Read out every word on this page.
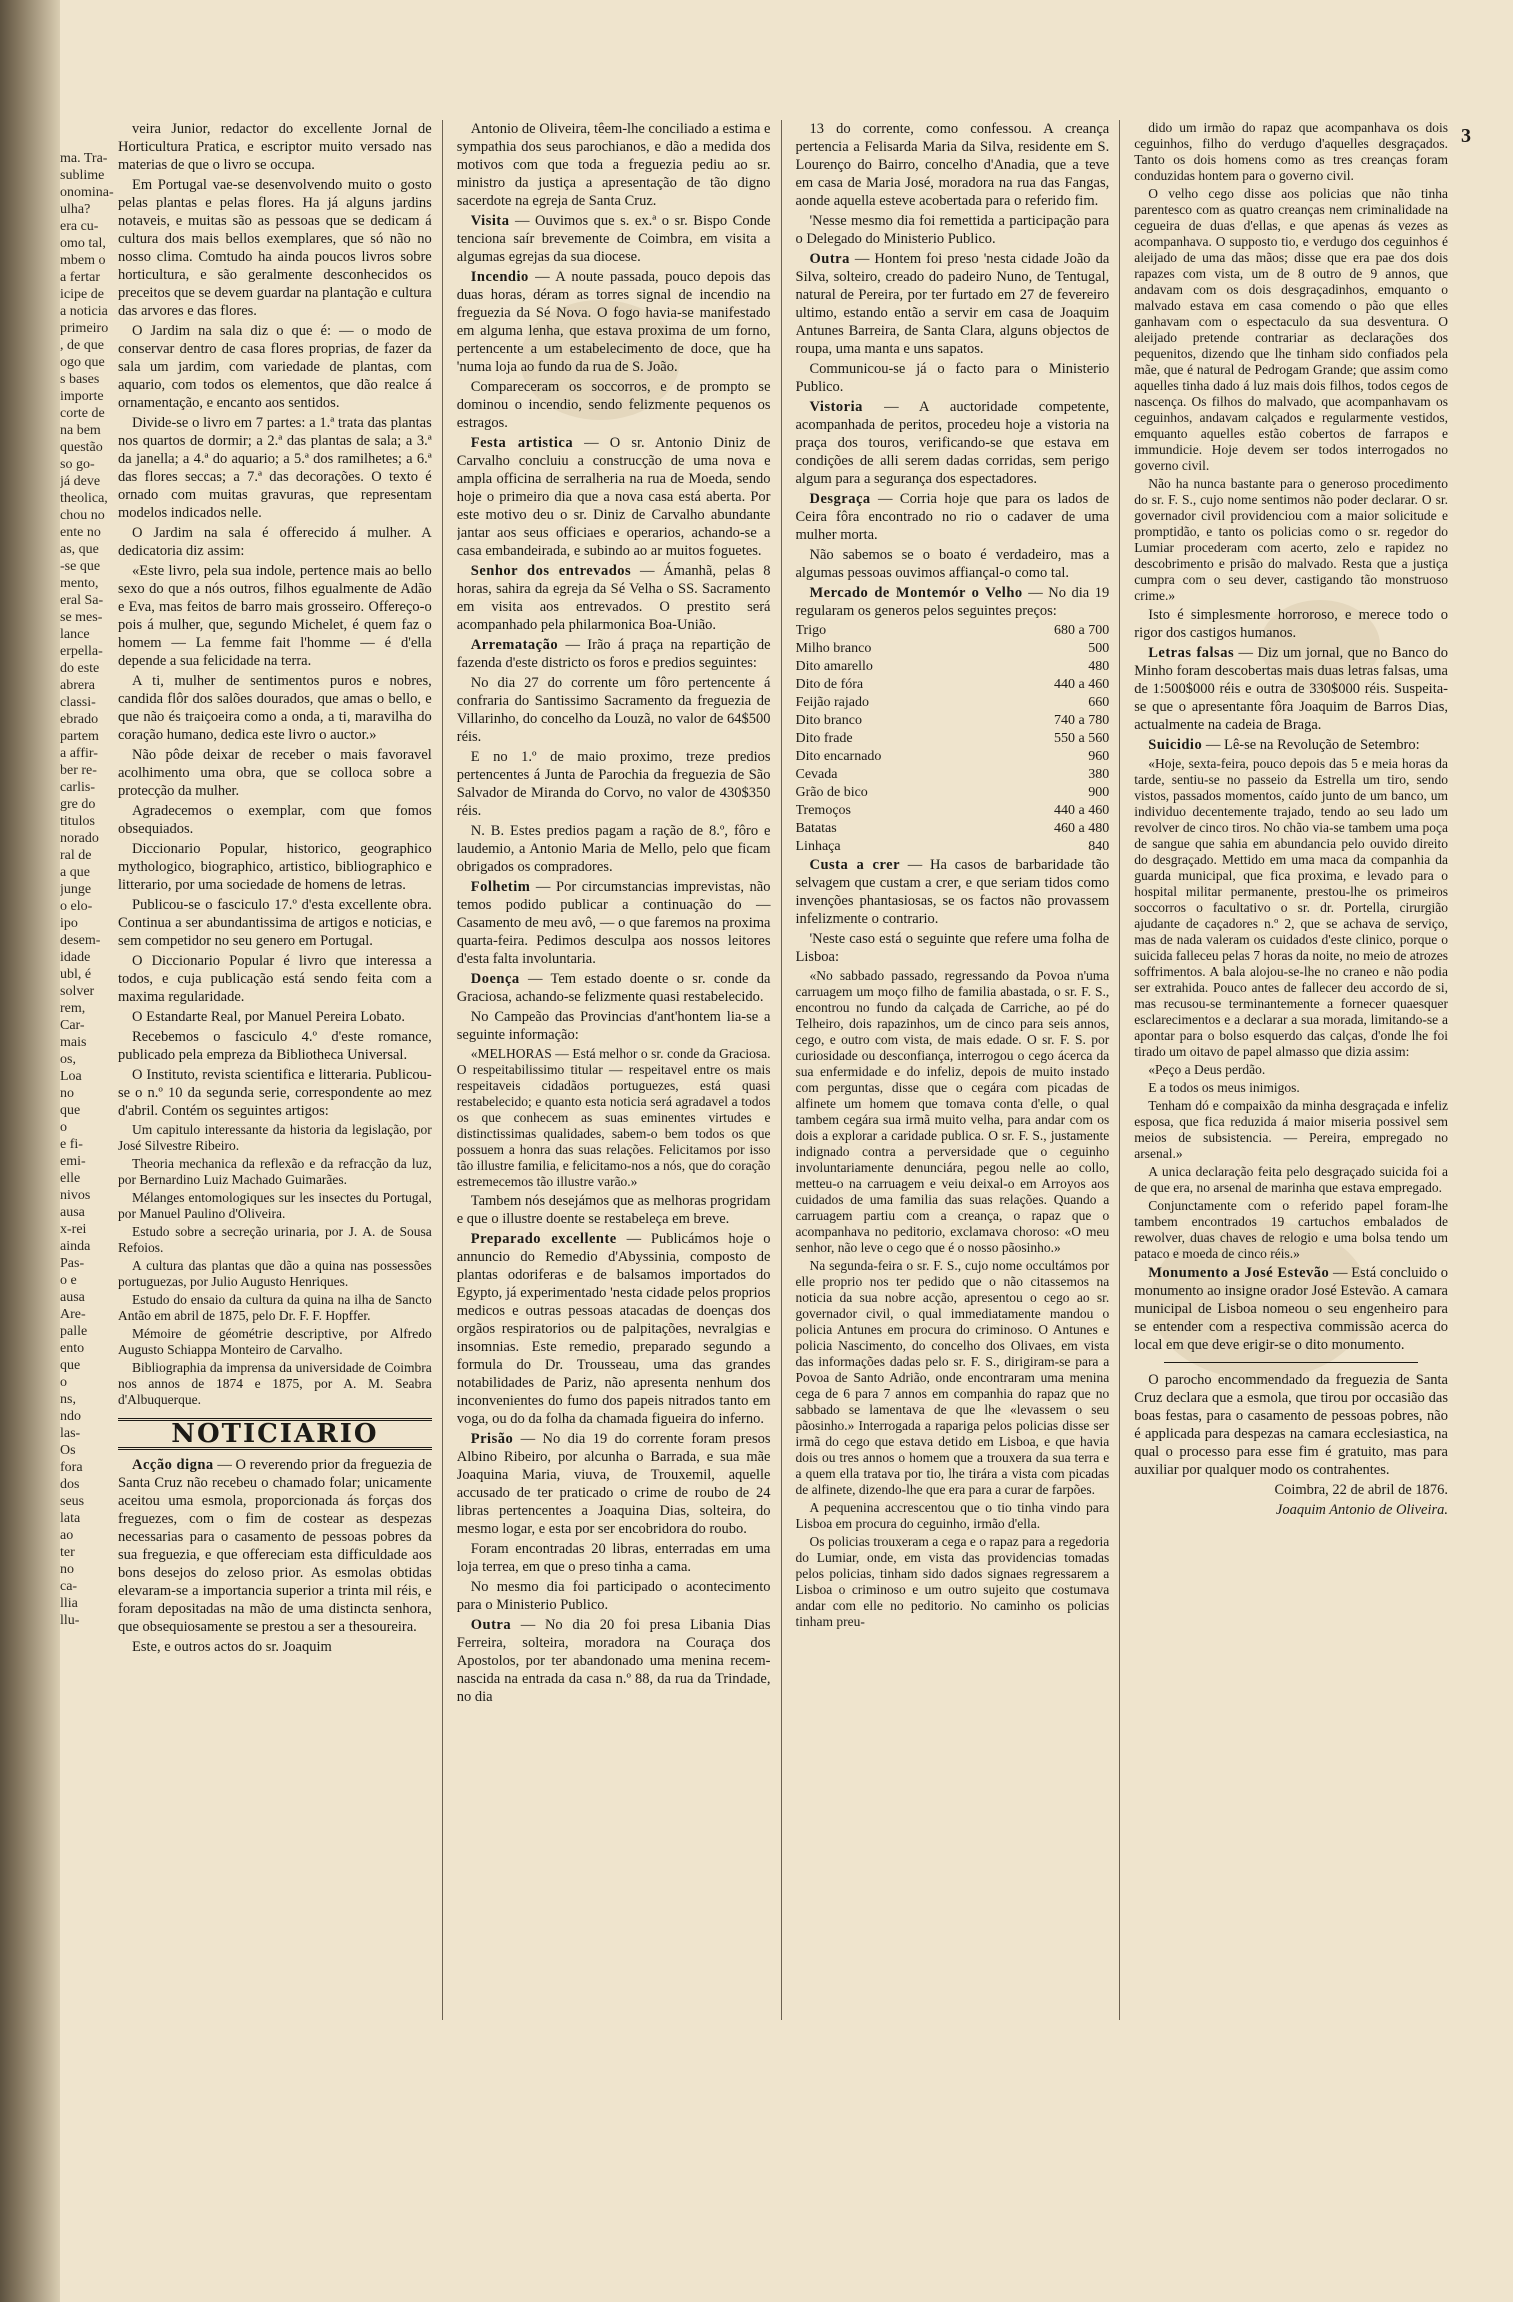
ma. Tra-
sublime
onomina-
ulha?
era cu-
omo tal,
mbem o
a fertar
icipe de
a noticia
primeiro
, de que
ogo que
s bases
importe
corte de
na bem
questão
so go-
já deve
theolica,
chou no
ente no
as, que
-se que
mento,
eral Sa-
se mes-
lance
erpella-
do este
abrera
classi-
ebrado
partem
a affir-
ber re-
carlis-
gre do
titulos
norado
ral de
a que
junge
o elo-
ipo
desem-
idade
ubl, é
solver
rem,
Car-
mais
os,
Loa
no
que
o
e fi-
emi-
elle
nivos
ausa
x-rei
ainda
Pas-
o e
ausa
Are-
palle
ento
que
o
ns,
ndo
las-
Os
fora
dos
seus
lata
ao
ter
no
ca-
llia
llu-
3

veira Junior, redactor do excellente Jornal de Horticultura Pratica, e escriptor muito versado nas materias de que o livro se occupa.

Em Portugal vae-se desenvolvendo muito o gosto pelas plantas e pelas flores. Ha já alguns jardins notaveis, e muitas são as pessoas que se dedicam á cultura dos mais bellos exemplares, que só não no nosso clima. Comtudo ha ainda poucos livros sobre horticultura, e são geralmente desconhecidos os preceitos que se devem guardar na plantação e cultura das arvores e das flores.

O Jardim na sala diz o que é: — o modo de conservar dentro de casa flores proprias, de fazer da sala um jardim, com variedade de plantas, com aquario, com todos os elementos, que dão realce á ornamentação, e encanto aos sentidos.

Divide-se o livro em 7 partes: a 1.ª trata das plantas nos quartos de dormir; a 2.ª das plantas de sala; a 3.ª da janella; a 4.ª do aquario; a 5.ª dos ramilhetes; a 6.ª das flores seccas; a 7.ª das decorações. O texto é ornado com muitas gravuras, que representam modelos indicados nelle.

O Jardim na sala é offerecido á mulher. A dedicatoria diz assim:

«Este livro, pela sua indole, pertence mais ao bello sexo do que a nós outros, filhos egualmente de Adão e Eva, mas feitos de barro mais grosseiro. Offereço-o pois á mulher, que, segundo Michelet, é quem faz o homem — La femme fait l'homme — é d'ella depende a sua felicidade na terra.

A ti, mulher de sentimentos puros e nobres, candida flôr dos salões dourados, que amas o bello, e que não és traiçoeira como a onda, a ti, maravilha do coração humano, dedica este livro o auctor.»

Não pôde deixar de receber o mais favoravel acolhimento uma obra, que se colloca sobre a protecção da mulher.

Agradecemos o exemplar, com que fomos obsequiados.

Diccionario Popular, historico, geographico mythologico, biographico, artistico, bibliographico e litterario, por uma sociedade de homens de letras.

Publicou-se o fasciculo 17.º d'esta excellente obra. Continua a ser abundantissima de artigos e noticias, e sem competidor no seu genero em Portugal.

O Diccionario Popular é livro que interessa a todos, e cuja publicação está sendo feita com a maxima regularidade.

O Estandarte Real, por Manuel Pereira Lobato.

Recebemos o fasciculo 4.º d'este romance, publicado pela empreza da Bibliotheca Universal.

O Instituto, revista scientifica e litteraria. Publicou-se o n.º 10 da segunda serie, correspondente ao mez d'abril. Contém os seguintes artigos:

Um capitulo interessante da historia da legislação, por José Silvestre Ribeiro.

Theoria mechanica da reflexão e da refracção da luz, por Bernardino Luiz Machado Guimarães.

Mélanges entomologiques sur les insectes du Portugal, por Manuel Paulino d'Oliveira.

Estudo sobre a secreção urinaria, por J. A. de Sousa Refoios.

A cultura das plantas que dão a quina nas possessões portuguezas, por Julio Augusto Henriques.

Estudo do ensaio da cultura da quina na ilha de Sancto Antão em abril de 1875, pelo Dr. F. F. Hopffer.

Mémoire de géométrie descriptive, por Alfredo Augusto Schiappa Monteiro de Carvalho.

Bibliographia da imprensa da universidade de Coimbra nos annos de 1874 e 1875, por A. M. Seabra d'Albuquerque.

NOTICIARIO

Acção digna — O reverendo prior da freguezia de Santa Cruz não recebeu o chamado folar; unicamente aceitou uma esmola, proporcionada ás forças dos freguezes, com o fim de costear as despezas necessarias para o casamento de pessoas pobres da sua freguezia, e que offereciam esta difficuldade aos bons desejos do zeloso prior. As esmolas obtidas elevaram-se a importancia superior a trinta mil réis, e foram depositadas na mão de uma distincta senhora, que obsequiosamente se prestou a ser a thesoureira.

Este, e outros actos do sr. Joaquim

Antonio de Oliveira, têem-lhe conciliado a estima e sympathia dos seus parochianos, e dão a medida dos motivos com que toda a freguezia pediu ao sr. ministro da justiça a apresentação de tão digno sacerdote na egreja de Santa Cruz.

Visita — Ouvimos que s. ex.ª o sr. Bispo Conde tenciona saír brevemente de Coimbra, em visita a algumas egrejas da sua diocese.

Incendio — A noute passada, pouco depois das duas horas, déram as torres signal de incendio na freguezia da Sé Nova. O fogo havia-se manifestado em alguma lenha, que estava proxima de um forno, pertencente a um estabelecimento de doce, que ha 'numa loja ao fundo da rua de S. João.

Compareceram os soccorros, e de prompto se dominou o incendio, sendo felizmente pequenos os estragos.

Festa artistica — O sr. Antonio Diniz de Carvalho concluiu a construcção de uma nova e ampla officina de serralheria na rua de Moeda, sendo hoje o primeiro dia que a nova casa está aberta. Por este motivo deu o sr. Diniz de Carvalho abundante jantar aos seus officiaes e operarios, achando-se a casa embandeirada, e subindo ao ar muitos foguetes.

Senhor dos entrevados — Ámanhã, pelas 8 horas, sahira da egreja da Sé Velha o SS. Sacramento em visita aos entrevados. O prestito será acompanhado pela philarmonica Boa-União.

Arrematação — Irão á praça na repartição de fazenda d'este districto os foros e predios seguintes:

No dia 27 do corrente um fôro pertencente á confraria do Santissimo Sacramento da freguezia de Villarinho, do concelho da Louzã, no valor de 64$500 réis.

E no 1.º de maio proximo, treze predios pertencentes á Junta de Parochia da freguezia de São Salvador de Miranda do Corvo, no valor de 430$350 réis.

N. B. Estes predios pagam a ração de 8.º, fôro e laudemio, a Antonio Maria de Mello, pelo que ficam obrigados os compradores.

Folhetim — Por circumstancias imprevistas, não temos podido publicar a continuação do — Casamento de meu avô, — o que faremos na proxima quarta-feira. Pedimos desculpa aos nossos leitores d'esta falta involuntaria.

Doença — Tem estado doente o sr. conde da Graciosa, achando-se felizmente quasi restabelecido.

No Campeão das Provincias d'ant'hontem lia-se a seguinte informação:

«MELHORAS — Está melhor o sr. conde da Graciosa. O respeitabilissimo titular — respeitavel entre os mais respeitaveis cidadãos portuguezes, está quasi restabelecido; e quanto esta noticia será agradavel a todos os que conhecem as suas eminentes virtudes e distinctissimas qualidades, sabem-o bem todos os que possuem a honra das suas relações. Felicitamos por isso tão illustre familia, e felicitamo-nos a nós, que do coração estremecemos tão illustre varão.»

Tambem nós desejámos que as melhoras progridam e que o illustre doente se restabeleça em breve.

Preparado excellente — Publicámos hoje o annuncio do Remedio d'Abyssinia, composto de plantas odoriferas e de balsamos importados do Egypto, já experimentado 'nesta cidade pelos proprios medicos e outras pessoas atacadas de doenças dos orgãos respiratorios ou de palpitações, nevralgias e insomnias. Este remedio, preparado segundo a formula do Dr. Trousseau, uma das grandes notabilidades de Pariz, não apresenta nenhum dos inconvenientes do fumo dos papeis nitrados tanto em voga, ou do da folha da chamada figueira do inferno.

Prisão — No dia 19 do corrente foram presos Albino Ribeiro, por alcunha o Barrada, e sua mãe Joaquina Maria, viuva, de Trouxemil, aquelle accusado de ter praticado o crime de roubo de 24 libras pertencentes a Joaquina Dias, solteira, do mesmo logar, e esta por ser encobridora do roubo.

Foram encontradas 20 libras, enterradas em uma loja terrea, em que o preso tinha a cama.

No mesmo dia foi participado o acontecimento para o Ministerio Publico.

Outra — No dia 20 foi presa Libania Dias Ferreira, solteira, moradora na Couraça dos Apostolos, por ter abandonado uma menina recem-nascida na entrada da casa n.º 88, da rua da Trindade, no dia

13 do corrente, como confessou. A creança pertencia a Felisarda Maria da Silva, residente em S. Lourenço do Bairro, concelho d'Anadia, que a teve em casa de Maria José, moradora na rua das Fangas, aonde aquella esteve acobertada para o referido fim.

'Nesse mesmo dia foi remettida a participação para o Delegado do Ministerio Publico.

Outra — Hontem foi preso 'nesta cidade João da Silva, solteiro, creado do padeiro Nuno, de Tentugal, natural de Pereira, por ter furtado em 27 de fevereiro ultimo, estando então a servir em casa de Joaquim Antunes Barreira, de Santa Clara, alguns objectos de roupa, uma manta e uns sapatos.

Communicou-se já o facto para o Ministerio Publico.

Vistoria — A auctoridade competente, acompanhada de peritos, procedeu hoje a vistoria na praça dos touros, verificando-se que estava em condições de alli serem dadas corridas, sem perigo algum para a segurança dos espectadores.

Desgraça — Corria hoje que para os lados de Ceira fôra encontrado no rio o cadaver de uma mulher morta.

Não sabemos se o boato é verdadeiro, mas a algumas pessoas ouvimos affiançal-o como tal.

Mercado de Montemór o Velho — No dia 19 regularam os generos pelos seguintes preços:

Trigo	680 a 700
Milho branco	500
Dito amarello	480
Dito de fóra	440 a 460
Feijão rajado	660
Dito branco	740 a 780
Dito frade	550 a 560
Dito encarnado	960
Cevada	380
Grão de bico	900
Tremoços	440 a 460
Batatas	460 a 480
Linhaça	840

Custa a crer — Ha casos de barbaridade tão selvagem que custam a crer, e que seriam tidos como invenções phantasiosas, se os factos não provassem infelizmente o contrario.

'Neste caso está o seguinte que refere uma folha de Lisboa:

«No sabbado passado, regressando da Povoa n'uma carruagem um moço filho de familia abastada, o sr. F. S., encontrou no fundo da calçada de Carriche, ao pé do Telheiro, dois rapazinhos, um de cinco para seis annos, cego, e outro com vista, de mais edade. O sr. F. S. por curiosidade ou desconfiança, interrogou o cego ácerca da sua enfermidade e do infeliz, depois de muito instado com perguntas, disse que o cegára com picadas de alfinete um homem que tomava conta d'elle, o qual tambem cegára sua irmã muito velha, para andar com os dois a explorar a caridade publica. O sr. F. S., justamente indignado contra a perversidade que o ceguinho involuntariamente denunciára, pegou nelle ao collo, metteu-o na carruagem e veiu deixal-o em Arroyos aos cuidados de uma familia das suas relações. Quando a carruagem partiu com a creança, o rapaz que o acompanhava no peditorio, exclamava choroso: «O meu senhor, não leve o cego que é o nosso pãosinho.»

Na segunda-feira o sr. F. S., cujo nome occultámos por elle proprio nos ter pedido que o não citassemos na noticia da sua nobre acção, apresentou o cego ao sr. governador civil, o qual immediatamente mandou o policia Antunes em procura do criminoso. O Antunes e policia Nascimento, do concelho dos Olivaes, em vista das informações dadas pelo sr. F. S., dirigiram-se para a Povoa de Santo Adrião, onde encontraram uma menina cega de 6 para 7 annos em companhia do rapaz que no sabbado se lamentava de que lhe «levassem o seu pãosinho.» Interrogada a rapariga pelos policias disse ser irmã do cego que estava detido em Lisboa, e que havia dois ou tres annos o homem que a trouxera da sua terra e a quem ella tratava por tio, lhe tirára a vista com picadas de alfinete, dizendo-lhe que era para a curar de farpões.

A pequenina accrescentou que o tio tinha vindo para Lisboa em procura do ceguinho, irmão d'ella.

Os policias trouxeram a cega e o rapaz para a regedoria do Lumiar, onde, em vista das providencias tomadas pelos policias, tinham sido dados signaes regressarem a Lisboa o criminoso e um outro sujeito que costumava andar com elle no peditorio. No caminho os policias tinham preu-

dido um irmão do rapaz que acompanhava os dois ceguinhos, filho do verdugo d'aquelles desgraçados. Tanto os dois homens como as tres creanças foram conduzidas hontem para o governo civil.

O velho cego disse aos policias que não tinha parentesco com as quatro creanças nem criminalidade na cegueira de duas d'ellas, e que apenas ás vezes as acompanhava. O supposto tio, e verdugo dos ceguinhos é aleijado de uma das mãos; disse que era pae dos dois rapazes com vista, um de 8 outro de 9 annos, que andavam com os dois desgraçadinhos, emquanto o malvado estava em casa comendo o pão que elles ganhavam com o espectaculo da sua desventura. O aleijado pretende contrariar as declarações dos pequenitos, dizendo que lhe tinham sido confiados pela mãe, que é natural de Pedrogam Grande; que assim como aquelles tinha dado á luz mais dois filhos, todos cegos de nascença. Os filhos do malvado, que acompanhavam os ceguinhos, andavam calçados e regularmente vestidos, emquanto aquelles estão cobertos de farrapos e immundicie. Hoje devem ser todos interrogados no governo civil.

Não ha nunca bastante para o generoso procedimento do sr. F. S., cujo nome sentimos não poder declarar. O sr. governador civil providenciou com a maior solicitude e promptidão, e tanto os policias como o sr. regedor do Lumiar procederam com acerto, zelo e rapidez no descobrimento e prisão do malvado. Resta que a justiça cumpra com o seu dever, castigando tão monstruoso crime.»

Isto é simplesmente horroroso, e merece todo o rigor dos castigos humanos.

Letras falsas — Diz um jornal, que no Banco do Minho foram descobertas mais duas letras falsas, uma de 1:500$000 réis e outra de 330$000 réis. Suspeita-se que o apresentante fôra Joaquim de Barros Dias, actualmente na cadeia de Braga.

Suicidio — Lê-se na Revolução de Setembro:

«Hoje, sexta-feira, pouco depois das 5 e meia horas da tarde, sentiu-se no passeio da Estrella um tiro, sendo vistos, passados momentos, caído junto de um banco, um individuo decentemente trajado, tendo ao seu lado um revolver de cinco tiros. No chão via-se tambem uma poça de sangue que sahia em abundancia pelo ouvido direito do desgraçado. Mettido em uma maca da companhia da guarda municipal, que fica proxima, e levado para o hospital militar permanente, prestou-lhe os primeiros soccorros o facultativo o sr. dr. Portella, cirurgião ajudante de caçadores n.º 2, que se achava de serviço, mas de nada valeram os cuidados d'este clinico, porque o suicida falleceu pelas 7 horas da noite, no meio de atrozes soffrimentos. A bala alojou-se-lhe no craneo e não podia ser extrahida. Pouco antes de fallecer deu accordo de si, mas recusou-se terminantemente a fornecer quaesquer esclarecimentos e a declarar a sua morada, limitando-se a apontar para o bolso esquerdo das calças, d'onde lhe foi tirado um oitavo de papel almasso que dizia assim:

«Peço a Deus perdão.

E a todos os meus inimigos.

Tenham dó e compaixão da minha desgraçada e infeliz esposa, que fica reduzida á maior miseria possivel sem meios de subsistencia. — Pereira, empregado no arsenal.»

A unica declaração feita pelo desgraçado suicida foi a de que era, no arsenal de marinha que estava empregado.

Conjunctamente com o referido papel foram-lhe tambem encontrados 19 cartuchos embalados de rewolver, duas chaves de relogio e uma bolsa tendo um pataco e moeda de cinco réis.»

Monumento a José Estevão — Está concluido o monumento ao insigne orador José Estevão. A camara municipal de Lisboa nomeou o seu engenheiro para se entender com a respectiva commissão acerca do local em que deve erigir-se o dito monumento.

O parocho encommendado da freguezia de Santa Cruz declara que a esmola, que tirou por occasião das boas festas, para o casamento de pessoas pobres, não é applicada para despezas na camara ecclesiastica, na qual o processo para esse fim é gratuito, mas para auxiliar por qualquer modo os contrahentes.

Coimbra, 22 de abril de 1876.

Joaquim Antonio de Oliveira.
